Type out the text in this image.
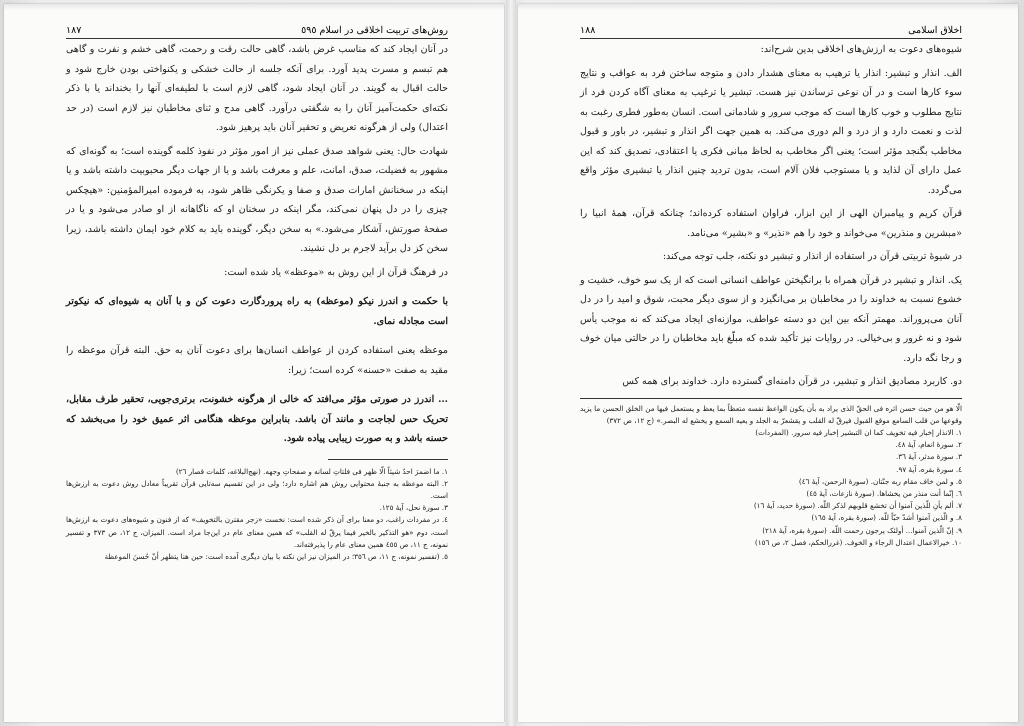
روش‌های تربیت اخلاقی در اسلام ٥٩٥
١٨٧

در آنان ایجاد کند که مناسب غرض باشد، گاهی حالت رقت و رحمت، گاهی خشم و نفرت و گاهی هم تبسم و مسرت پدید آورد. برای آنکه جلسه از حالت خشکی و یکنواختی بودن خارج شود و حالت اقبال به گویند. در آنان ایجاد شود، گاهی لازم است با لطیفه‌ای آنها را بخنداند یا با ذکر نکته‌ای حکمت‌آمیز آنان را به شگفتی درآورد. گاهی مدح و ثنای مخاطبان نیز لازم است (در حد اعتدال) ولی از هرگونه تعریض و تحقیر آنان باید پرهیز شود.

شهادت حال: یعنی شواهد صدق عملی نیز از امور مؤثر در نفوذ کلمه گوینده است؛ به گونه‌ای که مشهور به فضیلت، صدق، امانت، علم و معرفت باشد و یا از جهات دیگر محبوبیت داشته باشد و یا اینکه در سخنانش امارات صدق و صفا و یکرنگی ظاهر شود، به فرموده امیرالمؤمنین: «هیچکس چیزی را در دل پنهان نمی‌کند، مگر اینکه در سخنان او که ناگاهانه از او صادر می‌شود و یا در صفحهٔ صورتش، آشکار می‌شود.» به سخن دیگر، گوینده باید به کلام خود ایمان داشته باشد، زیرا سخن کز دل برآید لاجرم بر دل نشیند.

در فرهنگ قرآن از این روش به «موعظه» یاد شده است:

با حکمت و اندرز نیکو (موعظه) به راه پروردگارت دعوت کن و با آنان به شیوه‌ای که نیکوتر است مجادله نمای.

موعظه یعنی استفاده کردن از عواطف انسان‌ها برای دعوت آنان به حق. البته قرآن موعظه را مقید به صفت «حسنه» کرده است؛ زیرا:

... اندرز در صورتی مؤثر می‌افتد که خالی از هرگونه خشونت، برتری‌جویی، تحقیر طرف مقابل، تحریک حس لجاجت و مانند آن باشد. بنابراین موعظه هنگامی اثر عمیق خود را می‌بخشد که حسنه باشد و به صورت زیبایی پیاده شود.

١. ما اضمرَ احدٌ شیئاً الّا ظهر فی فلتاتِ لسانه و صفحاتِ وجهه. (نهج‌البلاغه، کلمات قصار ٢٦)

٢. البته موعظه به جنبهٔ محتوایی روش هم اشاره دارد؛ ولی در این تقسیم سه‌تایی قرآن تقریباً معادل روش دعوت به ارزش‌ها است.

٣. سورهٔ نحل، آیهٔ ١٢٥.

٤. در مفردات راغب، دو معنا برای آن ذکر شده است: نخست «زجر مقترن بالتخویف» که از فنون و شیوه‌های دعوت به ارزش‌ها است، دوم «هو التذکیر بالخیر فیما یرقّ له القلب» که همین معنای عام در این‌جا مراد است. المیزان، ج ١٢، ص ٣٧٣ و تفسیر نمونه، ج ١١، ص ٤٥٥ همین معنای عام را پذیرفته‌اند.

٥. (تفسیر نمونه، ج ١١، ص ٣٥٦؛ در المیزان نیز این نکته با بیان دیگری آمده است: حین هنا یتظهر أنّ حُسنَ الموعظة

اخلاق اسلامی
١٨٨

شیوه‌های دعوت به ارزش‌های اخلاقی بدین شرح‌اند:

الف. انذار و تبشیر: انذار یا ترهیب به معنای هشدار دادن و متوجه ساختن فرد به عواقب و نتایج سوء کارها است و در آن نوعی ترساندن نیز هست. تبشیر یا ترغیب به معنای آگاه کردن فرد از نتایج مطلوب و خوب کارها است که موجب سرور و شادمانی است. انسان به‌طور فطری رغبت به لذت و نعمت دارد و از درد و الم دوری می‌کند. به همین جهت اگر انذار و تبشیر، در باور و قبول مخاطب بگنجد مؤثر است؛ یعنی اگر مخاطب به لحاظ مبانی فکری یا اعتقادی، تصدیق کند که این عمل دارای آن لذاید و یا مستوجب فلان آلام است، بدون تردید چنین انذار یا تبشیری مؤثر واقع می‌گردد.

قرآن کریم و پیامبران الهی از این ابزار، فراوان استفاده کرده‌اند؛ چنانکه قرآن، همهٔ انبیا را «مبشرین و منذرین» می‌خواند و خود را هم «نذیر» و «بشیر» می‌نامد.

در شیوهٔ تربیتی قرآن در استفاده از انذار و تبشیر دو نکته، جلب توجه می‌کند:

یک. انذار و تبشیر در قرآن همراه با برانگیختن عواطف انسانی است که از یک سو خوف، خشیت و خشوع نسبت به خداوند را در مخاطبان بر می‌انگیزد و از سوی دیگر محبت، شوق و امید را در دل آنان می‌پروراند. مهمتر آنکه بین این دو دسته عواطف، موازنه‌ای ایجاد می‌کند که نه موجب یأس شود و نه غرور و بی‌خیالی. در روایات نیز تأکید شده که مبلّغ باید مخاطبان را در حالتی میان خوف و رجا نگه دارد.

دو. کاربرد مصادیق انذار و تبشیر، در قرآن دامنه‌ای گسترده دارد. خداوند برای همه کس

الّا هو من حیث حسن اثره فی الحقّ الذی یراد به بأن یکون الواعظ نفسه متعظاً بما یعظ و یستعمل فیها من الخلق الحسن ما یزید وقوعها من قلب السامع موقع القبول فیرقّ له القلب و یقشعرّ به الجلد و یعیه السمع و یخشع له البصر.» (ج ١٢، ص ٣٧٢)

١. الانذار إخبار فیه تخویف کما ان التبشیر إخبار فیه سرور. (المفردات)

٢. سورهٔ انعام، آیهٔ ٤٨.

٣. سورهٔ مدثر، آیهٔ ٣٦.

٤. سورهٔ بقره، آیهٔ ٩٧.

٥. و لمن خاف مقام ربه جنّتان. (سورهٔ الرحمن، آیهٔ ٤٦)

٦. إنّما أنت منذر من یخشاها. (سورهٔ نازعات، آیهٔ ٤٥)

٧. ألم یأنِ للّذین آمنوا أن تخشع قلوبهم لذکر اللّه. (سورهٔ حدید، آیهٔ ١٦)

٨. و الّذین آمنوا أشدّ حبّاً للّه. (سورهٔ بقره، آیهٔ ١٦٥)

٩. إنّ الّذین آمنوا... أولئک یرجون رحمت اللّه. (سورهٔ بقره، آیهٔ ٢١٨)

١٠. خیرالاعمال اعتدال الرجاء و الخوف. (غرر‌الحکم، فصل ٢، ص ١٥٦)
